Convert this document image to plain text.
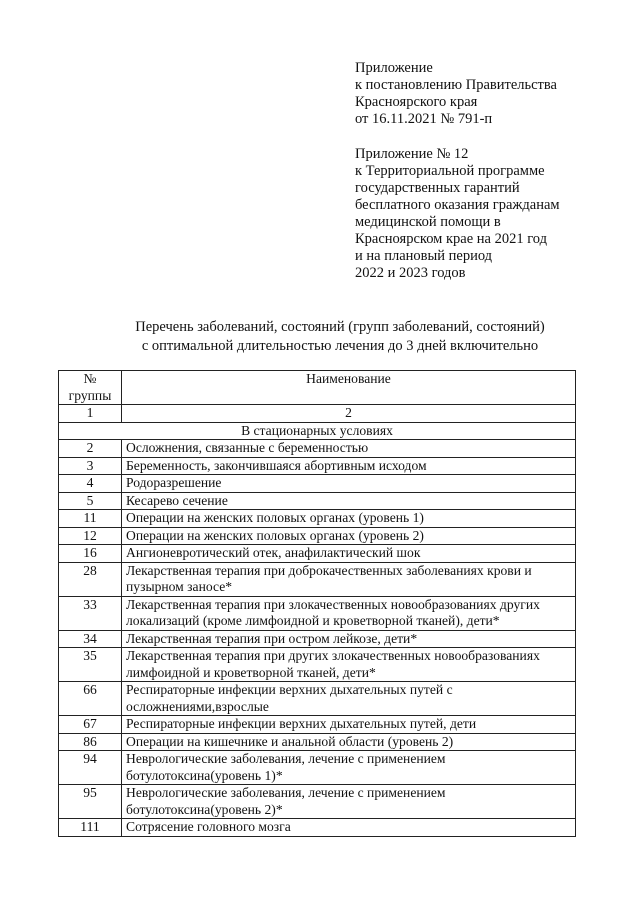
Приложение
к постановлению Правительства
Красноярского края
от 16.11.2021 № 791-п
Приложение № 12
к Территориальной программе
государственных гарантий
бесплатного оказания гражданам
медицинской помощи в
Красноярском крае на 2021 год
и на плановый период
2022 и 2023 годов
Перечень заболеваний, состояний (групп заболеваний, состояний)
с оптимальной длительностью лечения до 3 дней включительно
№
группы	Наименование
1	2
В стационарных условиях	
2	Осложнения, связанные с беременностью
3	Беременность, закончившаяся абортивным исходом
4	Родоразрешение
5	Кесарево сечение
11	Операции на женских половых органах (уровень 1)
12	Операции на женских половых органах (уровень 2)
16	Ангионевротический отек, анафилактический шок
28	Лекарственная терапия при доброкачественных заболеваниях крови и пузырном заносе*
33	Лекарственная терапия при злокачественных новообразованиях других локализаций (кроме лимфоидной и кроветворной тканей), дети*
34	Лекарственная терапия при остром лейкозе, дети*
35	Лекарственная терапия при других злокачественных новообразованиях лимфоидной и кроветворной тканей, дети*
66	Респираторные инфекции верхних дыхательных путей с осложнениями,взрослые
67	Респираторные инфекции верхних дыхательных путей, дети
86	Операции на кишечнике и анальной области (уровень 2)
94	Неврологические заболевания, лечение с применением ботулотоксина(уровень 1)*
95	Неврологические заболевания, лечение с применением ботулотоксина(уровень 2)*
111	Сотрясение головного мозга
